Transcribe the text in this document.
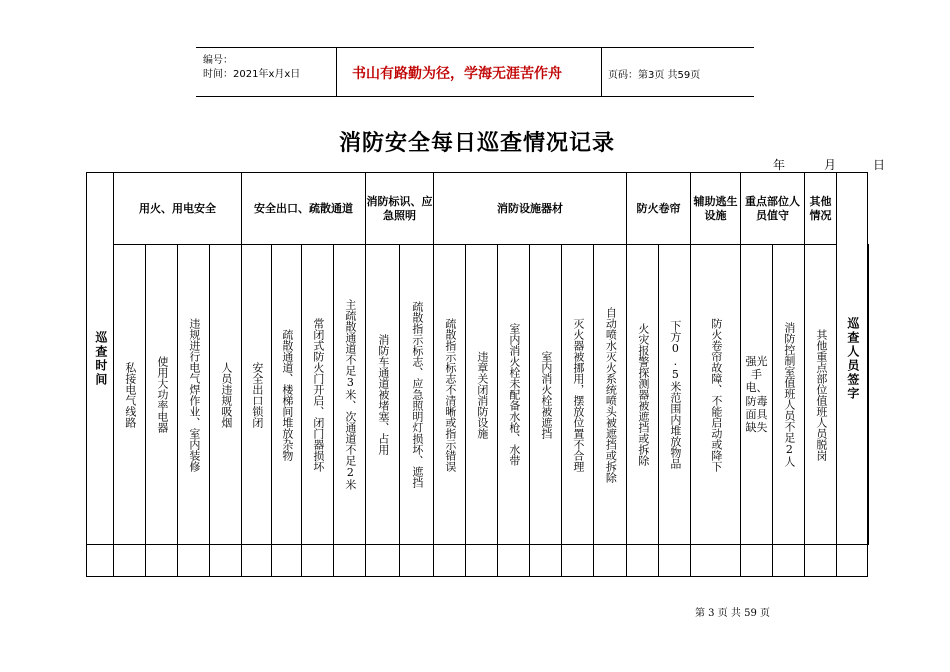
编号：
时间：2021年x月x日	书山有路勤为径，学海无涯苦作舟	页码：第3页 共59页
消防安全每日巡查情况记录
年	月	日
巡查时间	用火、用电安全				安全出口、疏散通道				消防标识、应急照明		消防设施器材						防火卷帘		辅助逃生设施	重点部位人员值守		其他情况	巡查人员签字	

	私接电气线路	使用大功率电器	违规进行电气焊作业、室内装修	人员违规吸烟	安全出口锁闭	疏散通道、楼梯间堆放杂物	常闭式防火门开启、闭门器损坏	主疏散通道不足3米、次通道不足2米	消防车通道被堵塞、占用	疏散指示标志、应急照明灯损坏、遮挡	疏散指示标志不清晰或指示错误	违章关闭消防设施	室内消火栓未配备水枪、水带	室内消火栓被遮挡	灭火器被挪用，摆放位置不合理	自动喷水灭火系统喷头被遮挡或拆除	火灾报警探测器被遮挡或拆除	下方0.5米范围内堆放物品	防火卷帘故障、不能启动或降下	强光手电、防毒面具缺失	消防控制室值班人员不足2人	其他重点部位值班人员脱岗		

第 3 页 共 59 页
